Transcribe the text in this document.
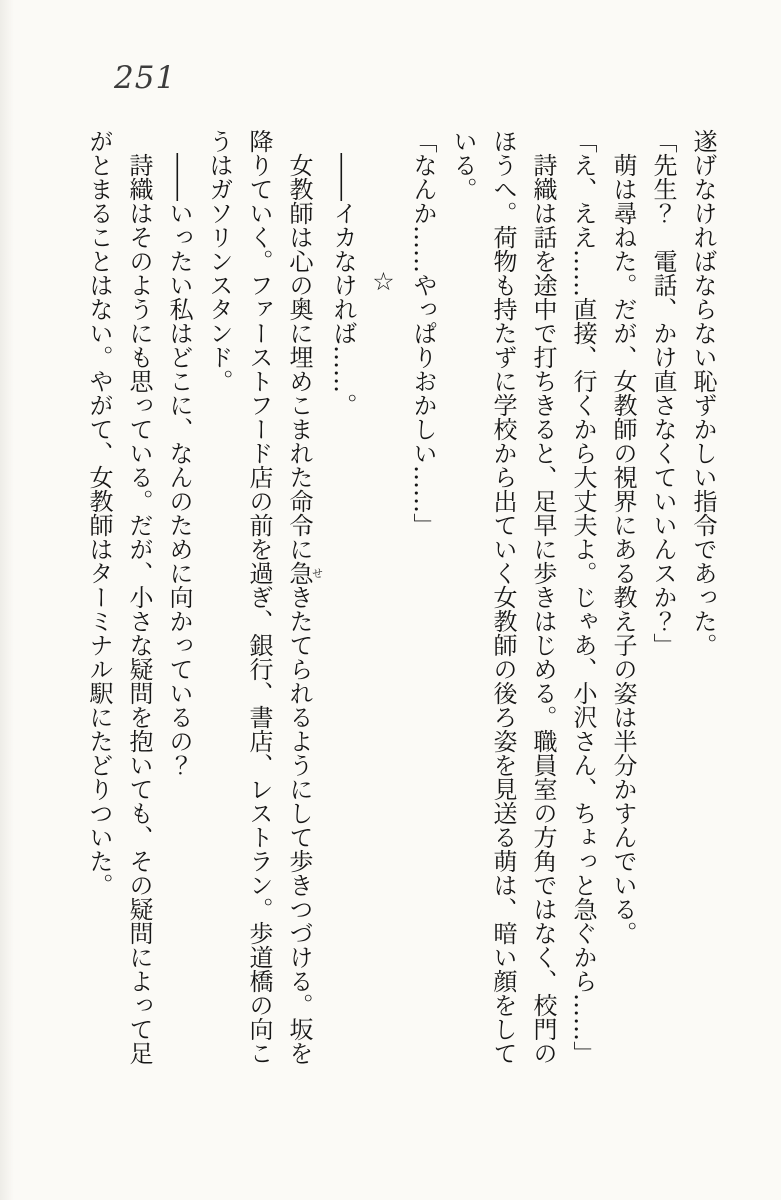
251

遂げなければならない恥ずかしい指令であった。

「先生？　電話、かけ直さなくていいんスか？」

　萌は尋ねた。だが、女教師の視界にある教え子の姿は半分かすんでいる。

「え、ええ……直接、行くから大丈夫よ。じゃあ、小沢さん、ちょっと急ぐから……」

　詩織は話を途中で打ちきると、足早に歩きはじめる。職員室の方角ではなく、校門のほうへ。荷物も持たずに学校から出ていく女教師の後ろ姿を見送る萌は、暗い顔をしている。

「なんか……やっぱりおかしい……」

☆

　――イカなければ……。

　女教師は心の奥に埋めこまれた命令に急せきたてられるようにして歩きつづける。坂を降りていく。ファーストフード店の前を過ぎ、銀行、書店、レストラン。歩道橋の向こうはガソリンスタンド。

　――いったい私はどこに、なんのために向かっているの？

　詩織はそのようにも思っている。だが、小さな疑問を抱いても、その疑問によって足がとまることはない。やがて、女教師はターミナル駅にたどりついた。
